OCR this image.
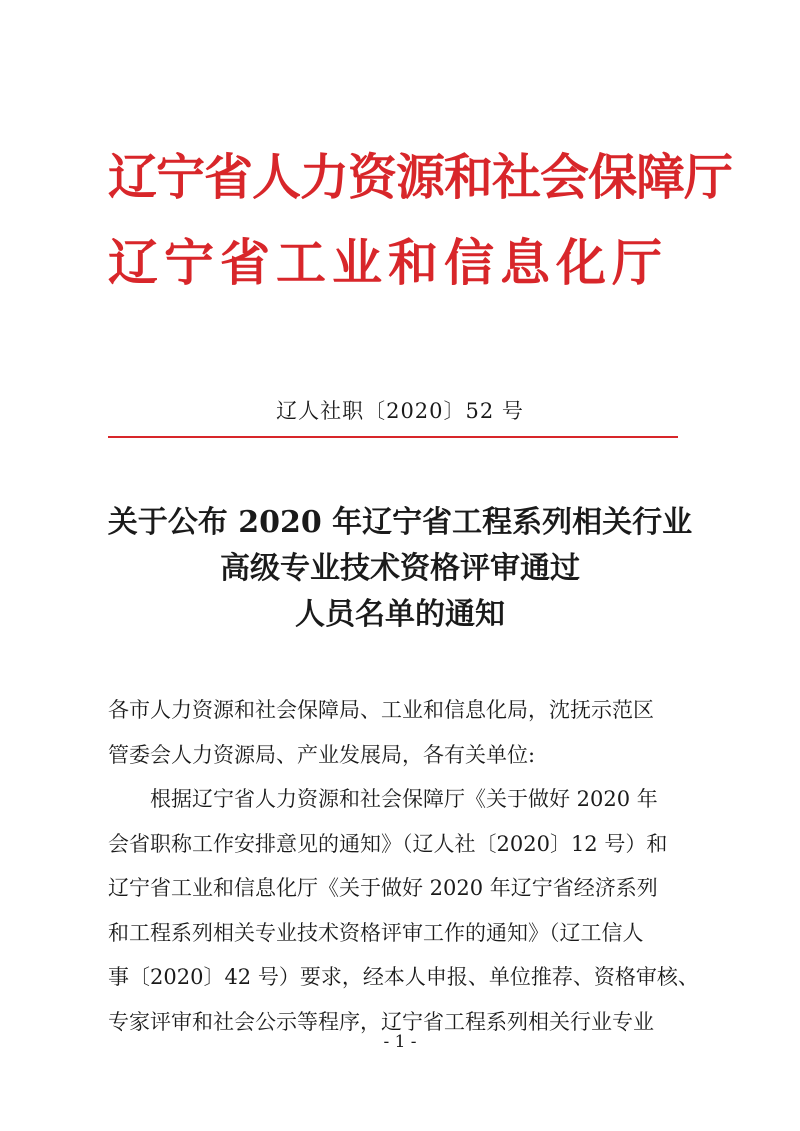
辽宁省人力资源和社会保障厅
辽宁省工业和信息化厅
辽人社职〔2020〕52 号
关于公布 2020 年辽宁省工程系列相关行业
高级专业技术资格评审通过
人员名单的通知

各市人力资源和社会保障局、工业和信息化局，沈抚示范区

管委会人力资源局、产业发展局，各有关单位:

根据辽宁省人力资源和社会保障厅《关于做好 2020 年

会省职称工作安排意见的通知》（辽人社〔2020〕12 号）和

辽宁省工业和信息化厅《关于做好 2020 年辽宁省经济系列

和工程系列相关专业技术资格评审工作的通知》（辽工信人

事〔2020〕42 号）要求，经本人申报、单位推荐、资格审核、

专家评审和社会公示等程序，辽宁省工程系列相关行业专业

- 1 -
